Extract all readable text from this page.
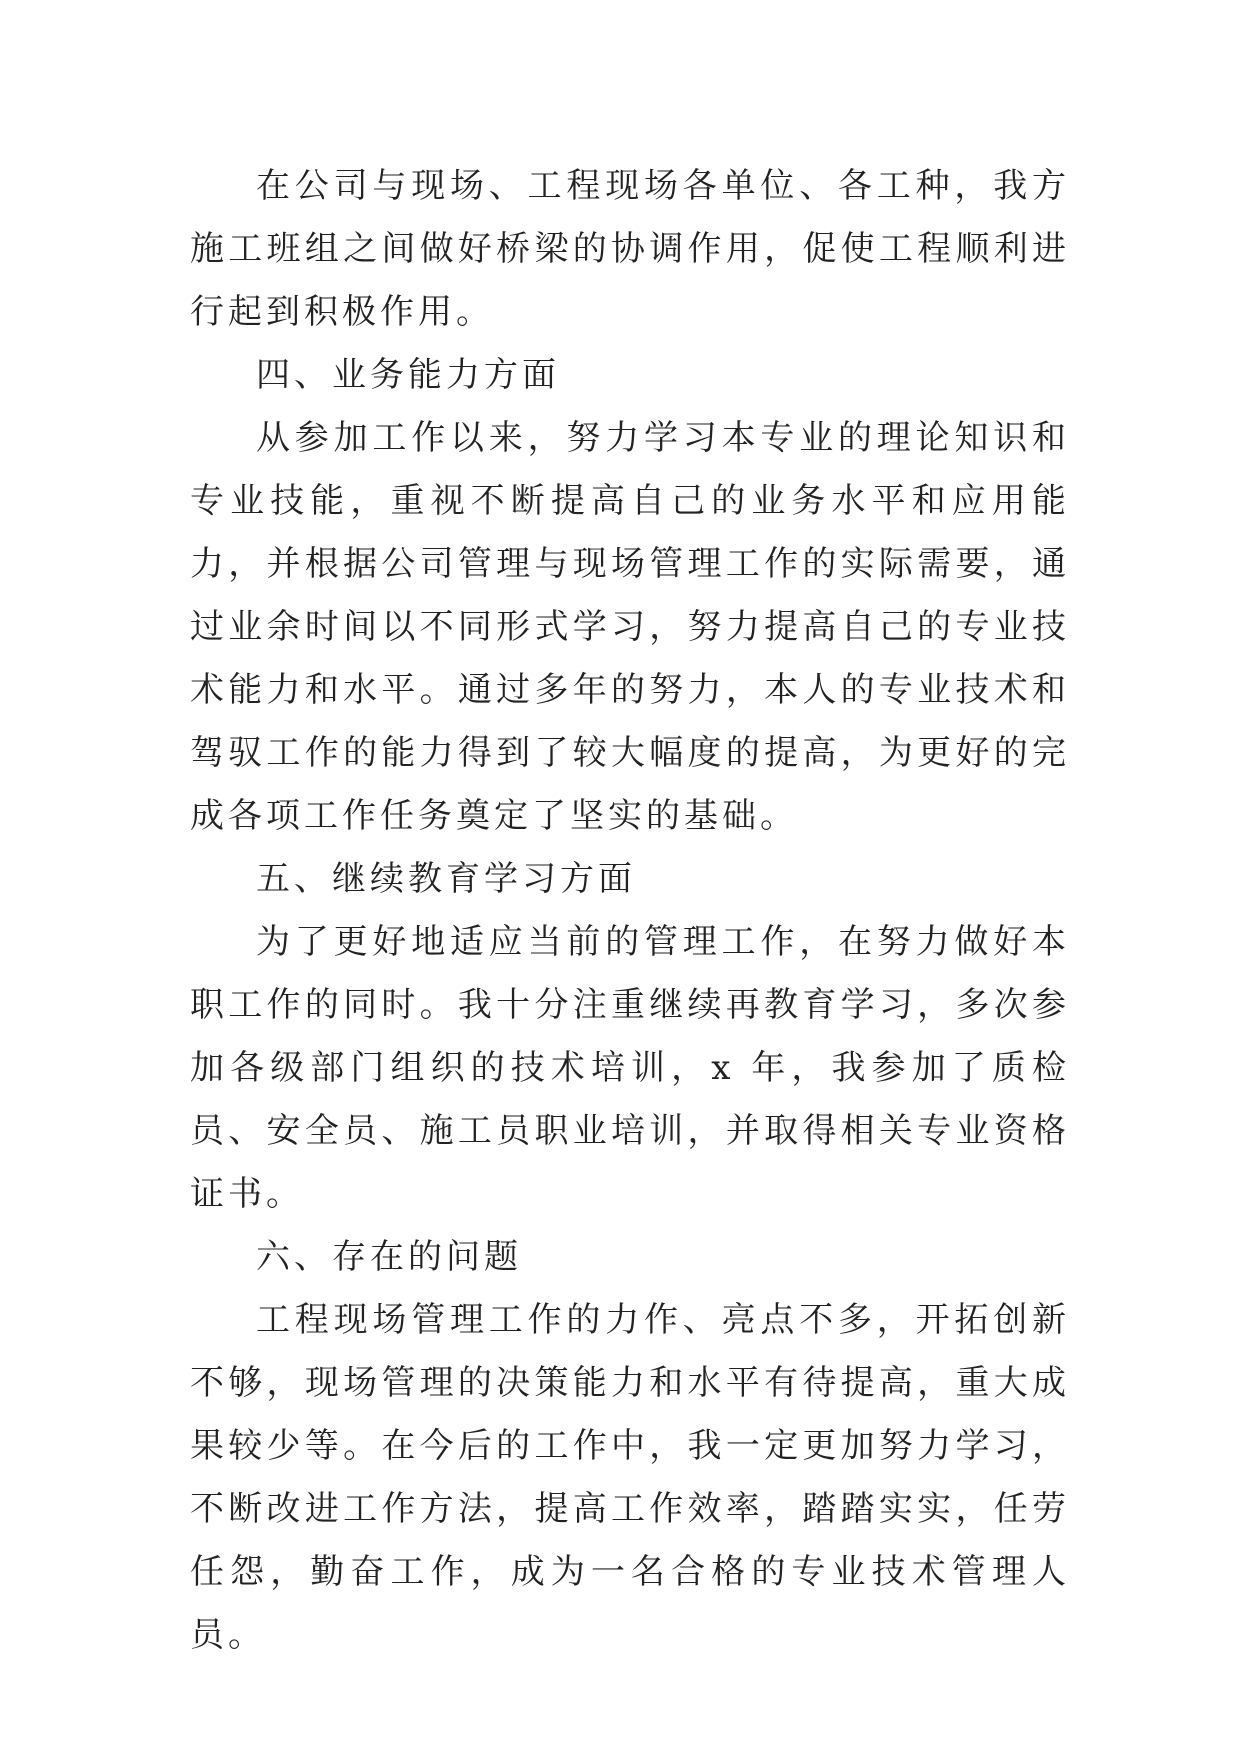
在公司与现场、工程现场各单位、各工种，我方施工班组之间做好桥梁的协调作用，促使工程顺利进行起到积极作用。

四、业务能力方面

从参加工作以来，努力学习本专业的理论知识和专业技能，重视不断提高自己的业务水平和应用能力，并根据公司管理与现场管理工作的实际需要，通过业余时间以不同形式学习，努力提高自己的专业技术能力和水平。通过多年的努力，本人的专业技术和驾驭工作的能力得到了较大幅度的提高，为更好的完成各项工作任务奠定了坚实的基础。

五、继续教育学习方面

为了更好地适应当前的管理工作，在努力做好本职工作的同时。我十分注重继续再教育学习，多次参加各级部门组织的技术培训，x 年，我参加了质检员、安全员、施工员职业培训，并取得相关专业资格证书。

六、存在的问题

工程现场管理工作的力作、亮点不多，开拓创新不够，现场管理的决策能力和水平有待提高，重大成果较少等。在今后的工作中，我一定更加努力学习，不断改进工作方法，提高工作效率，踏踏实实，任劳任怨，勤奋工作，成为一名合格的专业技术管理人员。
